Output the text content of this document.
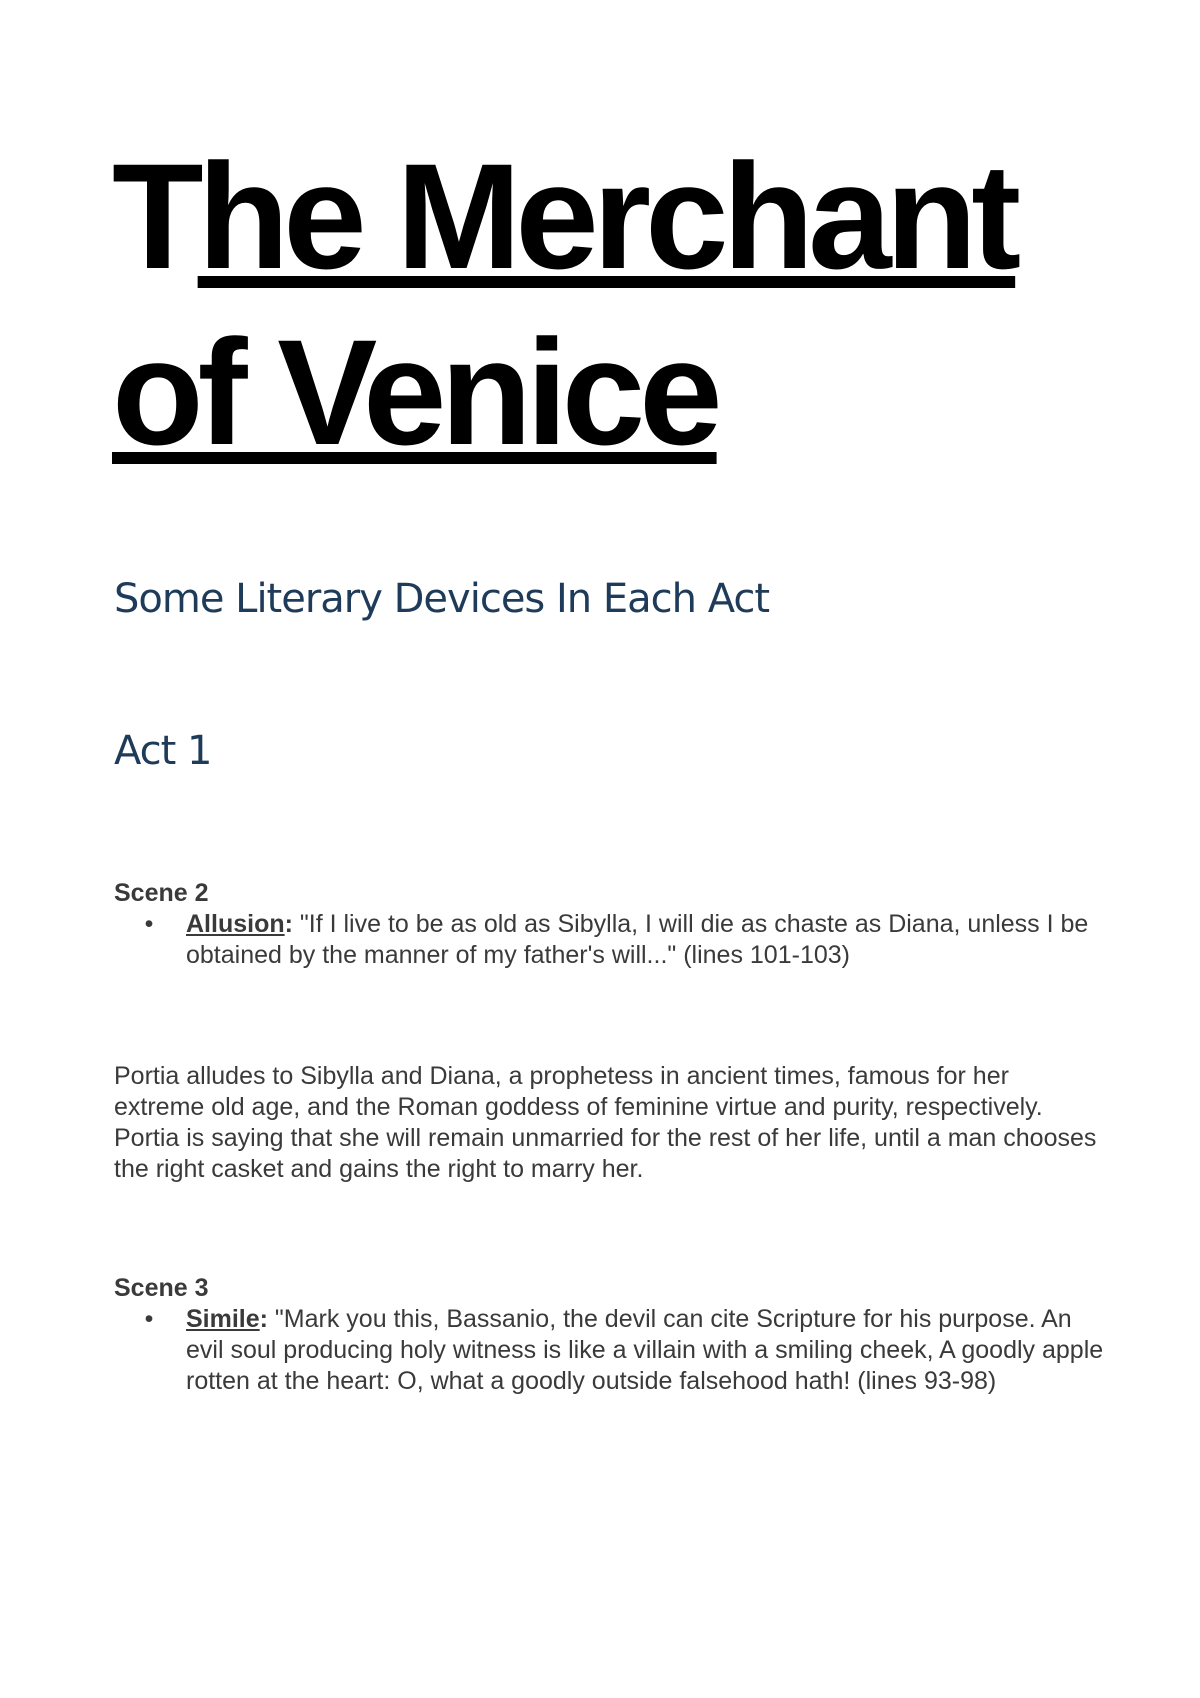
The Merchant
of Venice
Some Literary Devices In Each Act
Act 1

Scene 2

•	Allusion: "If I live to be as old as Sibylla, I will die as chaste as Diana, unless I be obtained by the manner of my father's will..." (lines 101-103)

Portia alludes to Sibylla and Diana, a prophetess in ancient times, famous for her extreme old age, and the Roman goddess of feminine virtue and purity, respectively. Portia is saying that she will remain unmarried for the rest of her life, until a man chooses the right casket and gains the right to marry her.

Scene 3

•	Simile: "Mark you this, Bassanio, the devil can cite Scripture for his purpose. An evil soul producing holy witness is like a villain with a smiling cheek, A goodly apple rotten at the heart: O, what a goodly outside falsehood hath! (lines 93-98)
